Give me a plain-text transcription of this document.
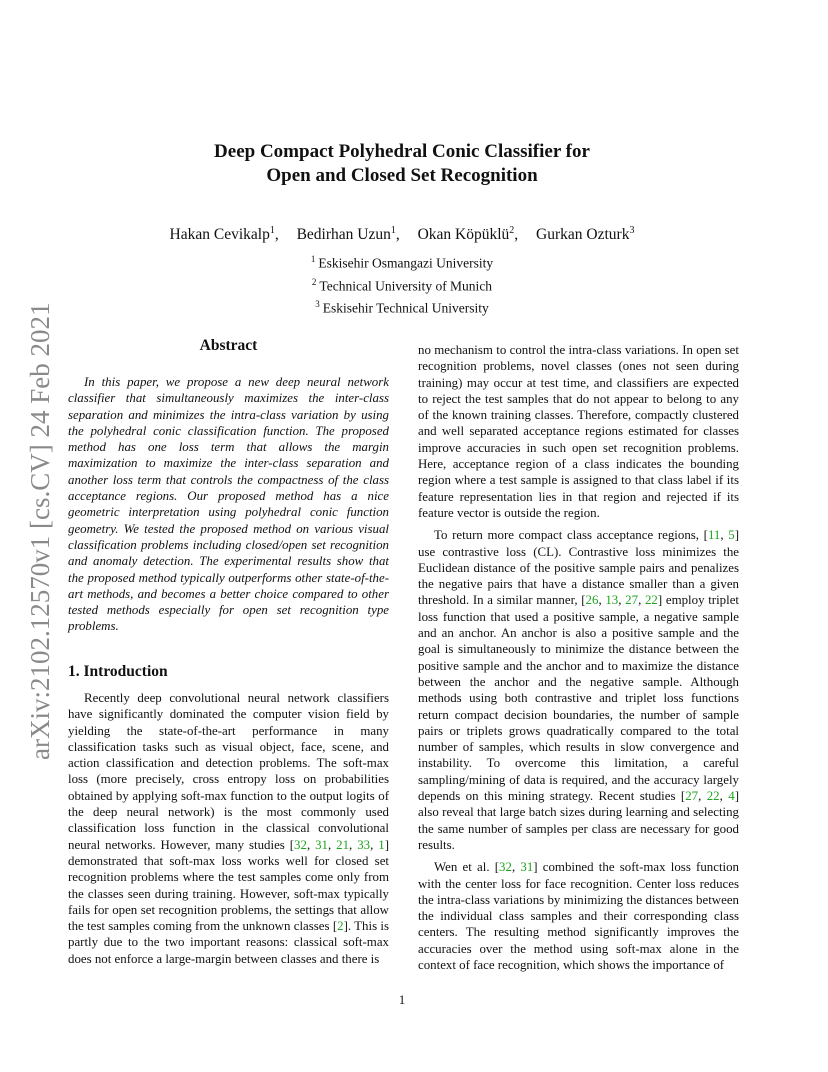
arXiv:2102.12570v1 [cs.CV] 24 Feb 2021
Deep Compact Polyhedral Conic Classifier for
Open and Closed Set Recognition
Hakan Cevikalp$^1$, Bedirhan Uzun$^1$, Okan Köpüklü$^2$, Gurkan Ozturk$^3$
$^1$ Eskisehir Osmangazi University
$^2$ Technical University of Munich
$^3$ Eskisehir Technical University
Abstract

In this paper, we propose a new deep neural network classifier that simultaneously maximizes the inter-class separation and minimizes the intra-class variation by using the polyhedral conic classification function. The proposed method has one loss term that allows the margin maximization to maximize the inter-class separation and another loss term that controls the compactness of the class acceptance regions. Our proposed method has a nice geometric interpretation using polyhedral conic function geometry. We tested the proposed method on various visual classification problems including closed/open set recognition and anomaly detection. The experimental results show that the proposed method typically outperforms other state-of-the-art methods, and becomes a better choice compared to other tested methods especially for open set recognition type problems.

1. Introduction

Recently deep convolutional neural network classifiers have significantly dominated the computer vision field by yielding the state-of-the-art performance in many classification tasks such as visual object, face, scene, and action classification and detection problems. The soft-max loss (more precisely, cross entropy loss on probabilities obtained by applying soft-max function to the output logits of the deep neural network) is the most commonly used classification loss function in the classical convolutional neural networks. However, many studies [32, 31, 21, 33, 1] demonstrated that soft-max loss works well for closed set recognition problems where the test samples come only from the classes seen during training. However, soft-max typically fails for open set recognition problems, the settings that allow the test samples coming from the unknown classes [2]. This is partly due to the two important reasons: classical soft-max does not enforce a large-margin between classes and there is

no mechanism to control the intra-class variations. In open set recognition problems, novel classes (ones not seen during training) may occur at test time, and classifiers are expected to reject the test samples that do not appear to belong to any of the known training classes. Therefore, compactly clustered and well separated acceptance regions estimated for classes improve accuracies in such open set recognition problems. Here, acceptance region of a class indicates the bounding region where a test sample is assigned to that class label if its feature representation lies in that region and rejected if its feature vector is outside the region.

To return more compact class acceptance regions, [11, 5] use contrastive loss (CL). Contrastive loss minimizes the Euclidean distance of the positive sample pairs and penalizes the negative pairs that have a distance smaller than a given threshold. In a similar manner, [26, 13, 27, 22] employ triplet loss function that used a positive sample, a negative sample and an anchor. An anchor is also a positive sample and the goal is simultaneously to minimize the distance between the positive sample and the anchor and to maximize the distance between the anchor and the negative sample. Although methods using both contrastive and triplet loss functions return compact decision boundaries, the number of sample pairs or triplets grows quadratically compared to the total number of samples, which results in slow convergence and instability. To overcome this limitation, a careful sampling/mining of data is required, and the accuracy largely depends on this mining strategy. Recent studies [27, 22, 4] also reveal that large batch sizes during learning and selecting the same number of samples per class are necessary for good results.

Wen et al. [32, 31] combined the soft-max loss function with the center loss for face recognition. Center loss reduces the intra-class variations by minimizing the distances between the individual class samples and their corresponding class centers. The resulting method significantly improves the accuracies over the method using soft-max alone in the context of face recognition, which shows the importance of

1
